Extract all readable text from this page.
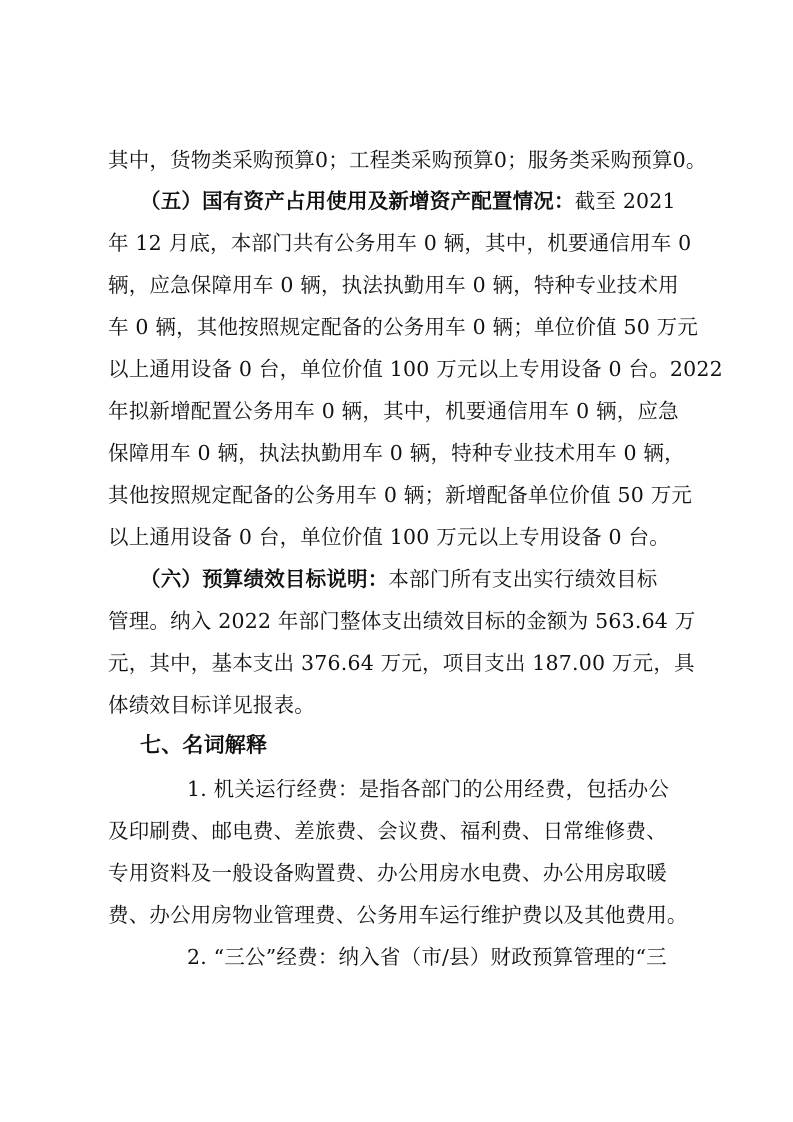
其中，货物类采购预算0；工程类采购预算0；服务类采购预算0。
（五）国有资产占用使用及新增资产配置情况：截至 2021
年 12 月底，本部门共有公务用车 0 辆，其中，机要通信用车 0
辆，应急保障用车 0 辆，执法执勤用车 0 辆，特种专业技术用
车 0 辆，其他按照规定配备的公务用车 0 辆；单位价值 50 万元
以上通用设备 0 台，单位价值 100 万元以上专用设备 0 台。2022
年拟新增配置公务用车 0 辆，其中，机要通信用车 0 辆，应急
保障用车 0 辆，执法执勤用车 0 辆，特种专业技术用车 0 辆，
其他按照规定配备的公务用车 0 辆；新增配备单位价值 50 万元
以上通用设备 0 台，单位价值 100 万元以上专用设备 0 台。
（六）预算绩效目标说明：本部门所有支出实行绩效目标
管理。纳入 2022 年部门整体支出绩效目标的金额为 563.64 万
元，其中，基本支出 376.64 万元，项目支出 187.00 万元，具
体绩效目标详见报表。
七、名词解释
1. 机关运行经费：是指各部门的公用经费，包括办公
及印刷费、邮电费、差旅费、会议费、福利费、日常维修费、
专用资料及一般设备购置费、办公用房水电费、办公用房取暖
费、办公用房物业管理费、公务用车运行维护费以及其他费用。
2. “三公”经费：纳入省（市/县）财政预算管理的“三
